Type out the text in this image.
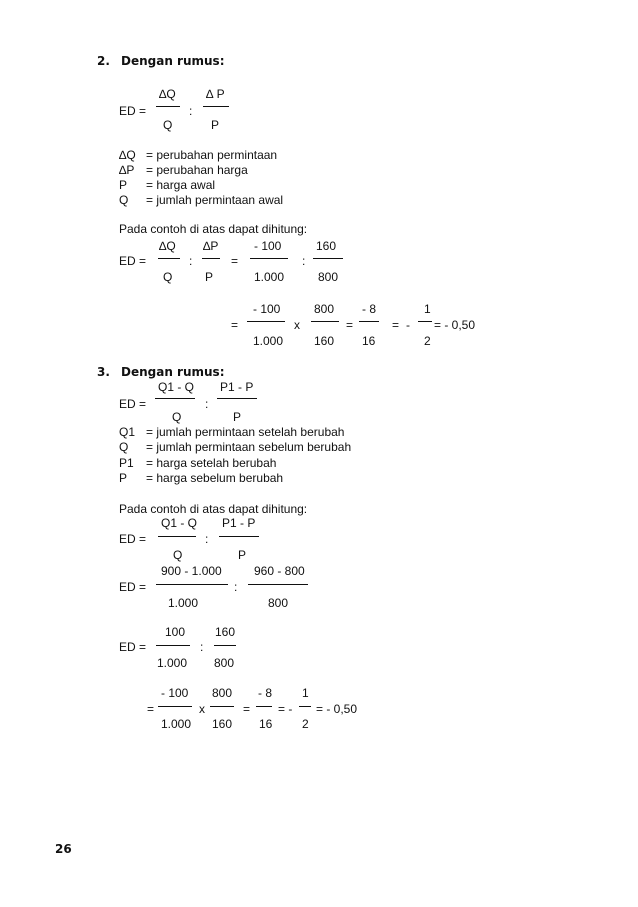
2. Dengan rumus:
ED =
∆Q
Q
:
∆ P
P
∆Q = perubahan permintaan
∆P = perubahan harga
P = harga awal
Q = jumlah permintaan awal
Pada contoh di atas dapat dihitung:
ED =
∆Q
Q
:
∆P
P
=
- 100
1.000
:
160
800
=
- 100
1.000
x
800
160
=
- 8
16
= -
1
2
= - 0,50
3. Dengan rumus:
ED =
Q1 - Q
Q
:
P1 - P
P
Q1 = jumlah permintaan setelah berubah
Q = jumlah permintaan sebelum berubah
P1 = harga setelah berubah
P = harga sebelum berubah
Pada contoh di atas dapat dihitung:
ED =
Q1 - Q
Q
:
P1 - P
P
ED =
900 - 1.000
1.000
:
960 - 800
800
ED =
100
1.000
:
160
800
=
- 100
1.000
x
800
160
=
- 8
16
= -
1
2
= - 0,50
26
